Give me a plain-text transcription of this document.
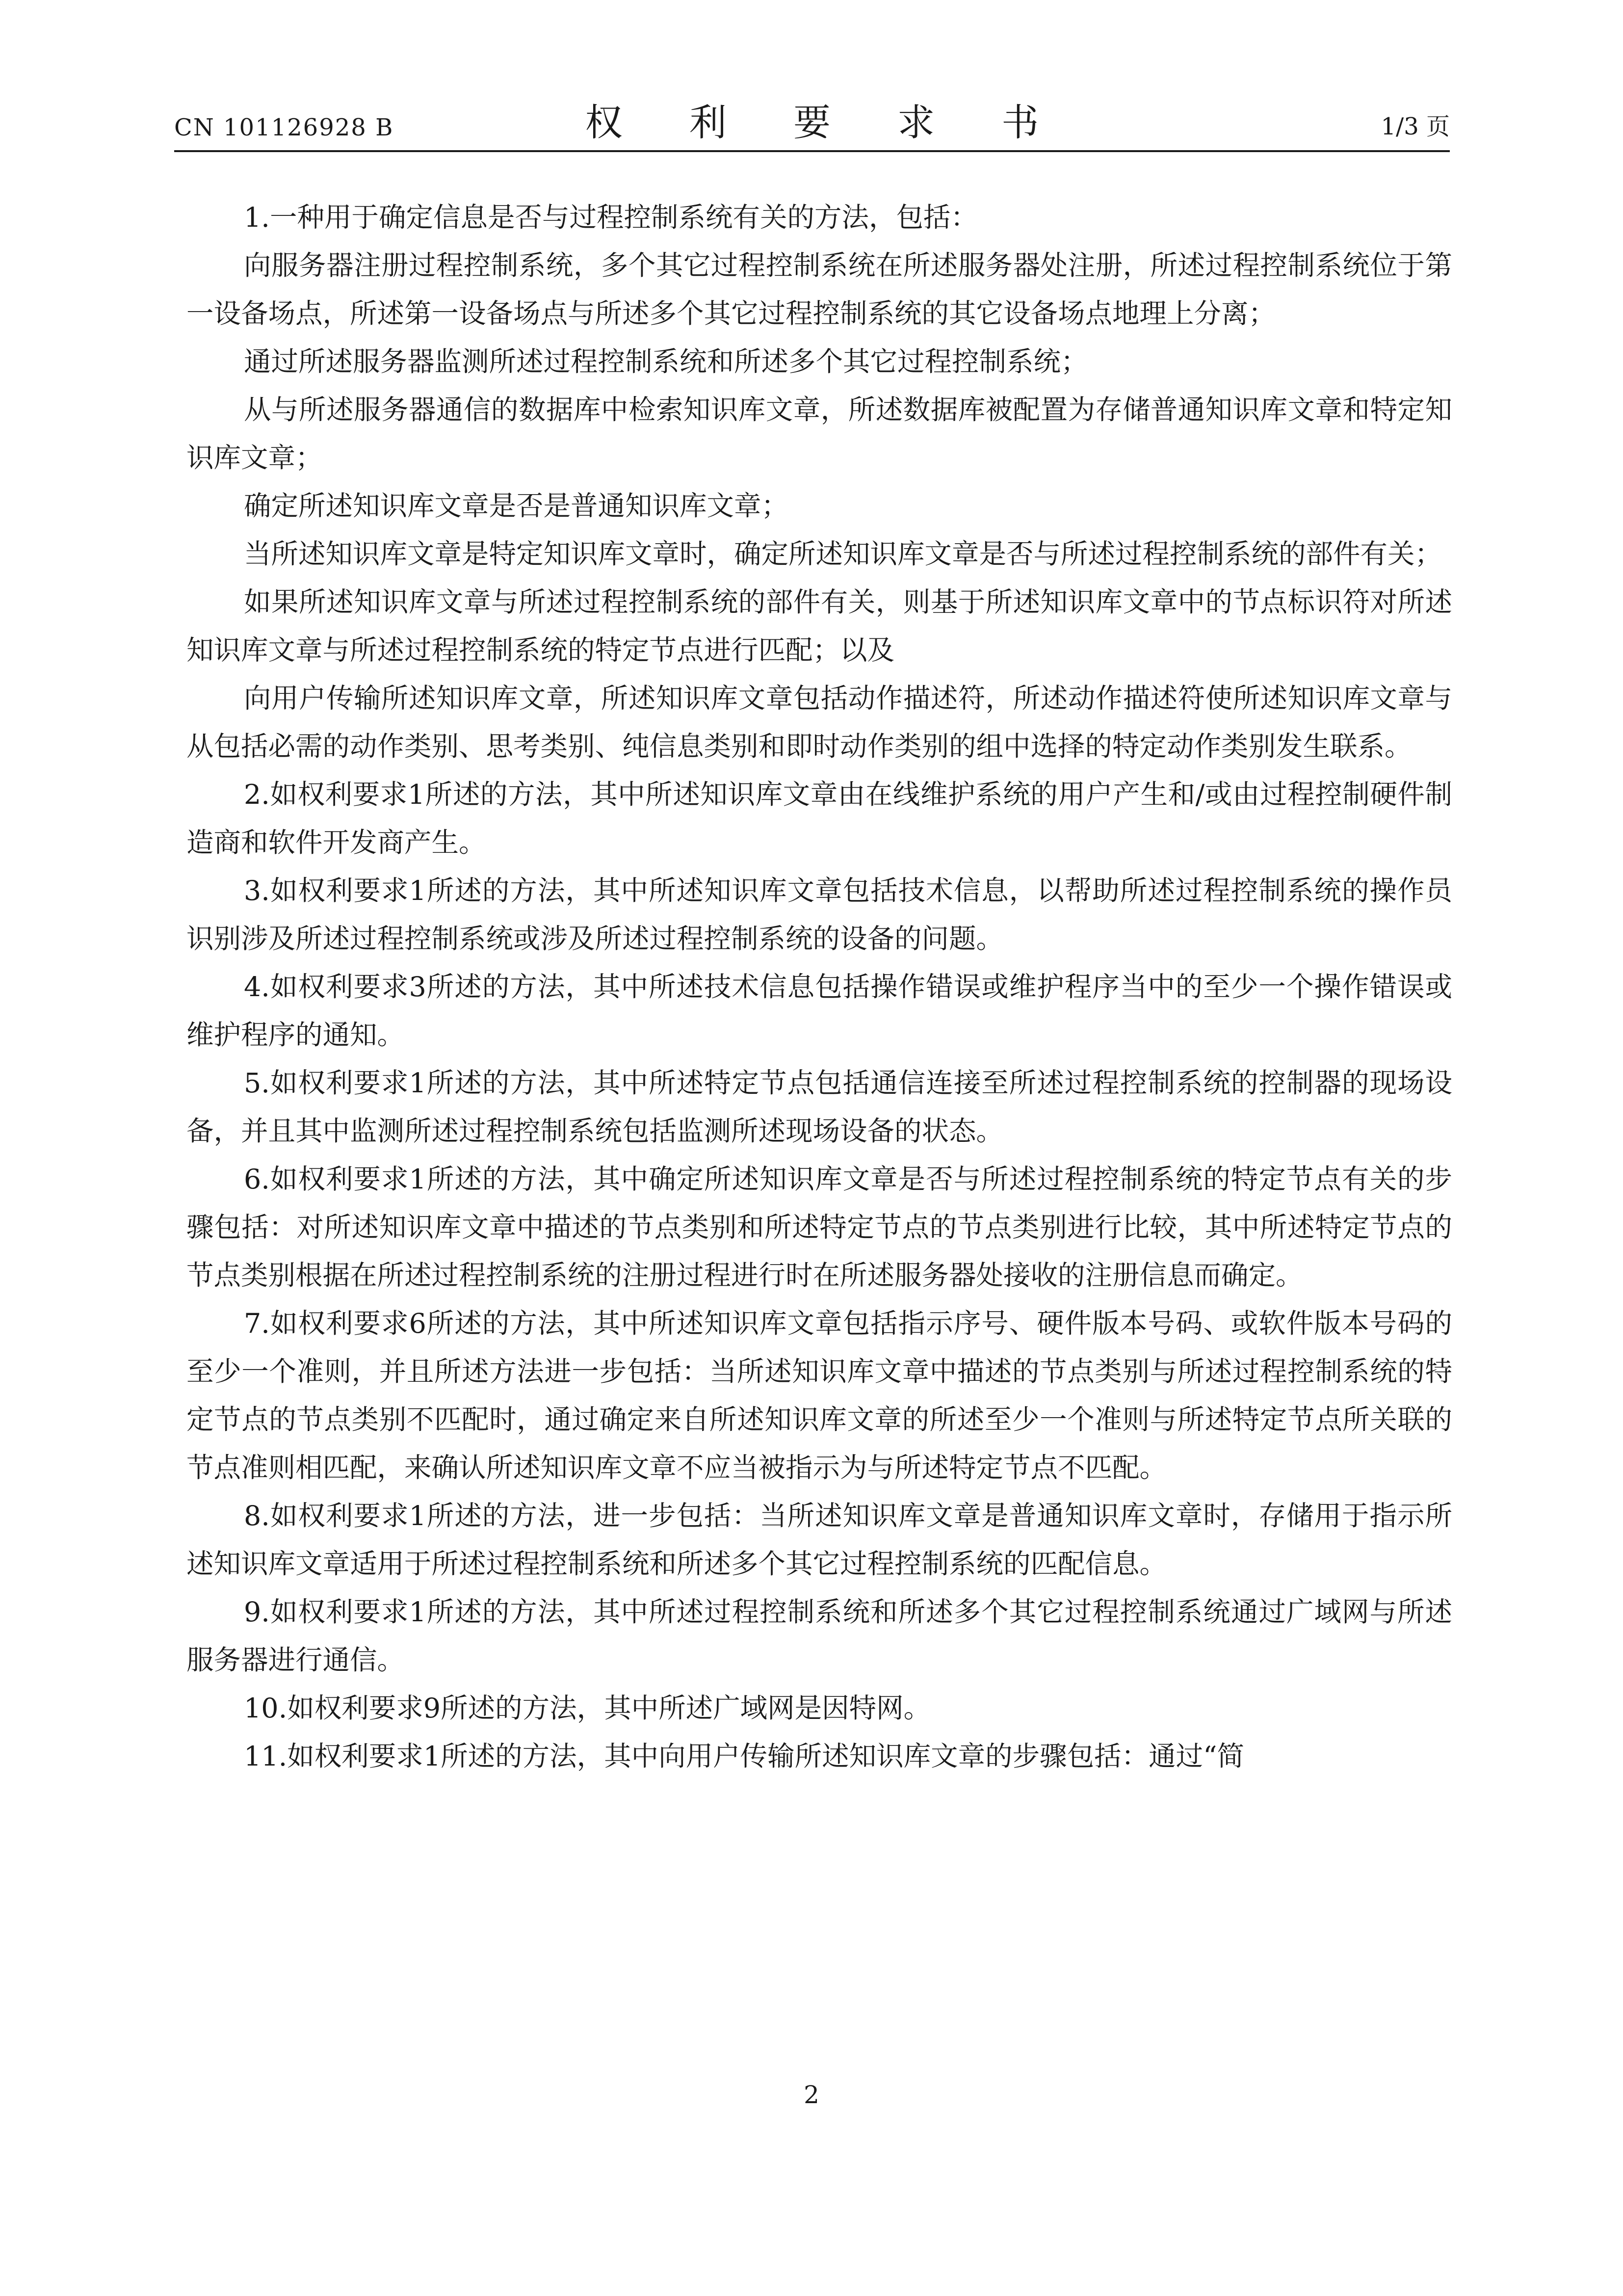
CN 101126928 B	权 利 要 求 书	1/3 页

1.一种用于确定信息是否与过程控制系统有关的方法，包括：

向服务器注册过程控制系统，多个其它过程控制系统在所述服务器处注册，所述过程控制系统位于第一设备场点，所述第一设备场点与所述多个其它过程控制系统的其它设备场点地理上分离；

通过所述服务器监测所述过程控制系统和所述多个其它过程控制系统；

从与所述服务器通信的数据库中检索知识库文章，所述数据库被配置为存储普通知识库文章和特定知识库文章；

确定所述知识库文章是否是普通知识库文章；

当所述知识库文章是特定知识库文章时，确定所述知识库文章是否与所述过程控制系统的部件有关；

如果所述知识库文章与所述过程控制系统的部件有关，则基于所述知识库文章中的节点标识符对所述知识库文章与所述过程控制系统的特定节点进行匹配；以及

向用户传输所述知识库文章，所述知识库文章包括动作描述符，所述动作描述符使所述知识库文章与从包括必需的动作类别、思考类别、纯信息类别和即时动作类别的组中选择的特定动作类别发生联系。

2.如权利要求1所述的方法，其中所述知识库文章由在线维护系统的用户产生和/或由过程控制硬件制造商和软件开发商产生。

3.如权利要求1所述的方法，其中所述知识库文章包括技术信息，以帮助所述过程控制系统的操作员识别涉及所述过程控制系统或涉及所述过程控制系统的设备的问题。

4.如权利要求3所述的方法，其中所述技术信息包括操作错误或维护程序当中的至少一个操作错误或维护程序的通知。

5.如权利要求1所述的方法，其中所述特定节点包括通信连接至所述过程控制系统的控制器的现场设备，并且其中监测所述过程控制系统包括监测所述现场设备的状态。

6.如权利要求1所述的方法，其中确定所述知识库文章是否与所述过程控制系统的特定节点有关的步骤包括：对所述知识库文章中描述的节点类别和所述特定节点的节点类别进行比较，其中所述特定节点的节点类别根据在所述过程控制系统的注册过程进行时在所述服务器处接收的注册信息而确定。

7.如权利要求6所述的方法，其中所述知识库文章包括指示序号、硬件版本号码、或软件版本号码的至少一个准则，并且所述方法进一步包括：当所述知识库文章中描述的节点类别与所述过程控制系统的特定节点的节点类别不匹配时，通过确定来自所述知识库文章的所述至少一个准则与所述特定节点所关联的节点准则相匹配，来确认所述知识库文章不应当被指示为与所述特定节点不匹配。

8.如权利要求1所述的方法，进一步包括：当所述知识库文章是普通知识库文章时，存储用于指示所述知识库文章适用于所述过程控制系统和所述多个其它过程控制系统的匹配信息。

9.如权利要求1所述的方法，其中所述过程控制系统和所述多个其它过程控制系统通过广域网与所述服务器进行通信。

10.如权利要求9所述的方法，其中所述广域网是因特网。

11.如权利要求1所述的方法，其中向用户传输所述知识库文章的步骤包括：通过“简

2
